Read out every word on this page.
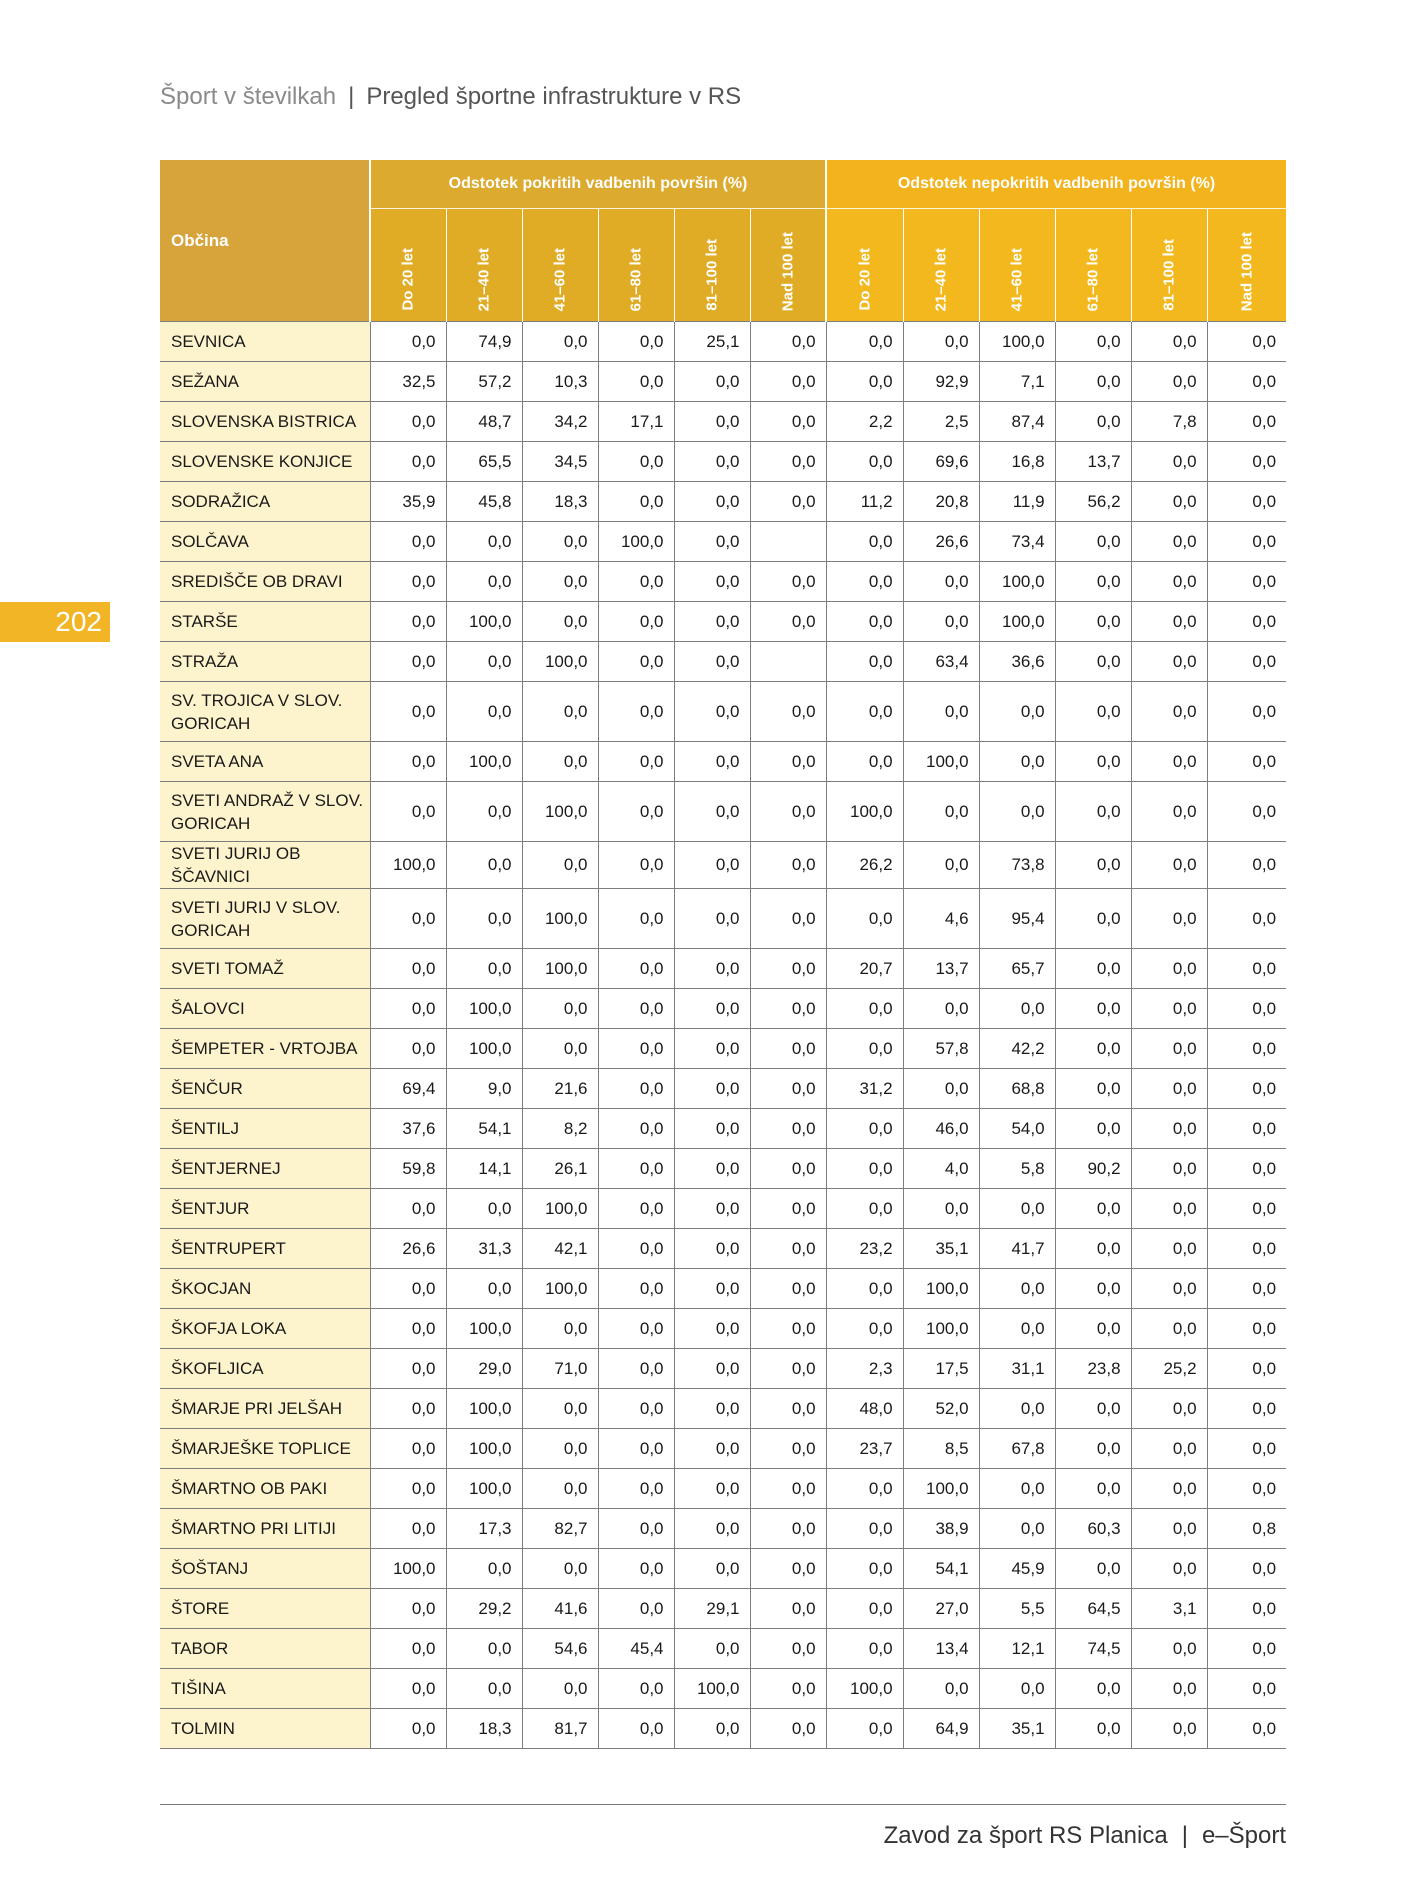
Šport v številkah | Pregled športne infrastrukture v RS
202
Občina	Odstotek pokritih vadbenih površin (%)						Odstotek nepokritih vadbenih površin (%)					

	Do 20 let	21–40 let	41–60 let	61–80 let	81–100 let	Nad 100 let	Do 20 let	21–40 let	41–60 let	61–80 let	81–100 let	Nad 100 let

SEVNICA	0,0	74,9	0,0	0,0	25,1	0,0	0,0	0,0	100,0	0,0	0,0	0,0
SEŽANA	32,5	57,2	10,3	0,0	0,0	0,0	0,0	92,9	7,1	0,0	0,0	0,0
SLOVENSKA BISTRICA	0,0	48,7	34,2	17,1	0,0	0,0	2,2	2,5	87,4	0,0	7,8	0,0
SLOVENSKE KONJICE	0,0	65,5	34,5	0,0	0,0	0,0	0,0	69,6	16,8	13,7	0,0	0,0
SODRAŽICA	35,9	45,8	18,3	0,0	0,0	0,0	11,2	20,8	11,9	56,2	0,0	0,0
SOLČAVA	0,0	0,0	0,0	100,0	0,0		0,0	26,6	73,4	0,0	0,0	0,0
SREDIŠČE OB DRAVI	0,0	0,0	0,0	0,0	0,0	0,0	0,0	0,0	100,0	0,0	0,0	0,0
STARŠE	0,0	100,0	0,0	0,0	0,0	0,0	0,0	0,0	100,0	0,0	0,0	0,0
STRAŽA	0,0	0,0	100,0	0,0	0,0		0,0	63,4	36,6	0,0	0,0	0,0
SV. TROJICA V SLOV. GORICAH	0,0	0,0	0,0	0,0	0,0	0,0	0,0	0,0	0,0	0,0	0,0	0,0
SVETA ANA	0,0	100,0	0,0	0,0	0,0	0,0	0,0	100,0	0,0	0,0	0,0	0,0
SVETI ANDRAŽ V SLOV. GORICAH	0,0	0,0	100,0	0,0	0,0	0,0	100,0	0,0	0,0	0,0	0,0	0,0
SVETI JURIJ OB ŠČAVNICI	100,0	0,0	0,0	0,0	0,0	0,0	26,2	0,0	73,8	0,0	0,0	0,0
SVETI JURIJ V SLOV. GORICAH	0,0	0,0	100,0	0,0	0,0	0,0	0,0	4,6	95,4	0,0	0,0	0,0
SVETI TOMAŽ	0,0	0,0	100,0	0,0	0,0	0,0	20,7	13,7	65,7	0,0	0,0	0,0
ŠALOVCI	0,0	100,0	0,0	0,0	0,0	0,0	0,0	0,0	0,0	0,0	0,0	0,0
ŠEMPETER - VRTOJBA	0,0	100,0	0,0	0,0	0,0	0,0	0,0	57,8	42,2	0,0	0,0	0,0
ŠENČUR	69,4	9,0	21,6	0,0	0,0	0,0	31,2	0,0	68,8	0,0	0,0	0,0
ŠENTILJ	37,6	54,1	8,2	0,0	0,0	0,0	0,0	46,0	54,0	0,0	0,0	0,0
ŠENTJERNEJ	59,8	14,1	26,1	0,0	0,0	0,0	0,0	4,0	5,8	90,2	0,0	0,0
ŠENTJUR	0,0	0,0	100,0	0,0	0,0	0,0	0,0	0,0	0,0	0,0	0,0	0,0
ŠENTRUPERT	26,6	31,3	42,1	0,0	0,0	0,0	23,2	35,1	41,7	0,0	0,0	0,0
ŠKOCJAN	0,0	0,0	100,0	0,0	0,0	0,0	0,0	100,0	0,0	0,0	0,0	0,0
ŠKOFJA LOKA	0,0	100,0	0,0	0,0	0,0	0,0	0,0	100,0	0,0	0,0	0,0	0,0
ŠKOFLJICA	0,0	29,0	71,0	0,0	0,0	0,0	2,3	17,5	31,1	23,8	25,2	0,0
ŠMARJE PRI JELŠAH	0,0	100,0	0,0	0,0	0,0	0,0	48,0	52,0	0,0	0,0	0,0	0,0
ŠMARJEŠKE TOPLICE	0,0	100,0	0,0	0,0	0,0	0,0	23,7	8,5	67,8	0,0	0,0	0,0
ŠMARTNO OB PAKI	0,0	100,0	0,0	0,0	0,0	0,0	0,0	100,0	0,0	0,0	0,0	0,0
ŠMARTNO PRI LITIJI	0,0	17,3	82,7	0,0	0,0	0,0	0,0	38,9	0,0	60,3	0,0	0,8
ŠOŠTANJ	100,0	0,0	0,0	0,0	0,0	0,0	0,0	54,1	45,9	0,0	0,0	0,0
ŠTORE	0,0	29,2	41,6	0,0	29,1	0,0	0,0	27,0	5,5	64,5	3,1	0,0
TABOR	0,0	0,0	54,6	45,4	0,0	0,0	0,0	13,4	12,1	74,5	0,0	0,0
TIŠINA	0,0	0,0	0,0	0,0	100,0	0,0	100,0	0,0	0,0	0,0	0,0	0,0
TOLMIN	0,0	18,3	81,7	0,0	0,0	0,0	0,0	64,9	35,1	0,0	0,0	0,0
Zavod za šport RS Planica | e–Šport
